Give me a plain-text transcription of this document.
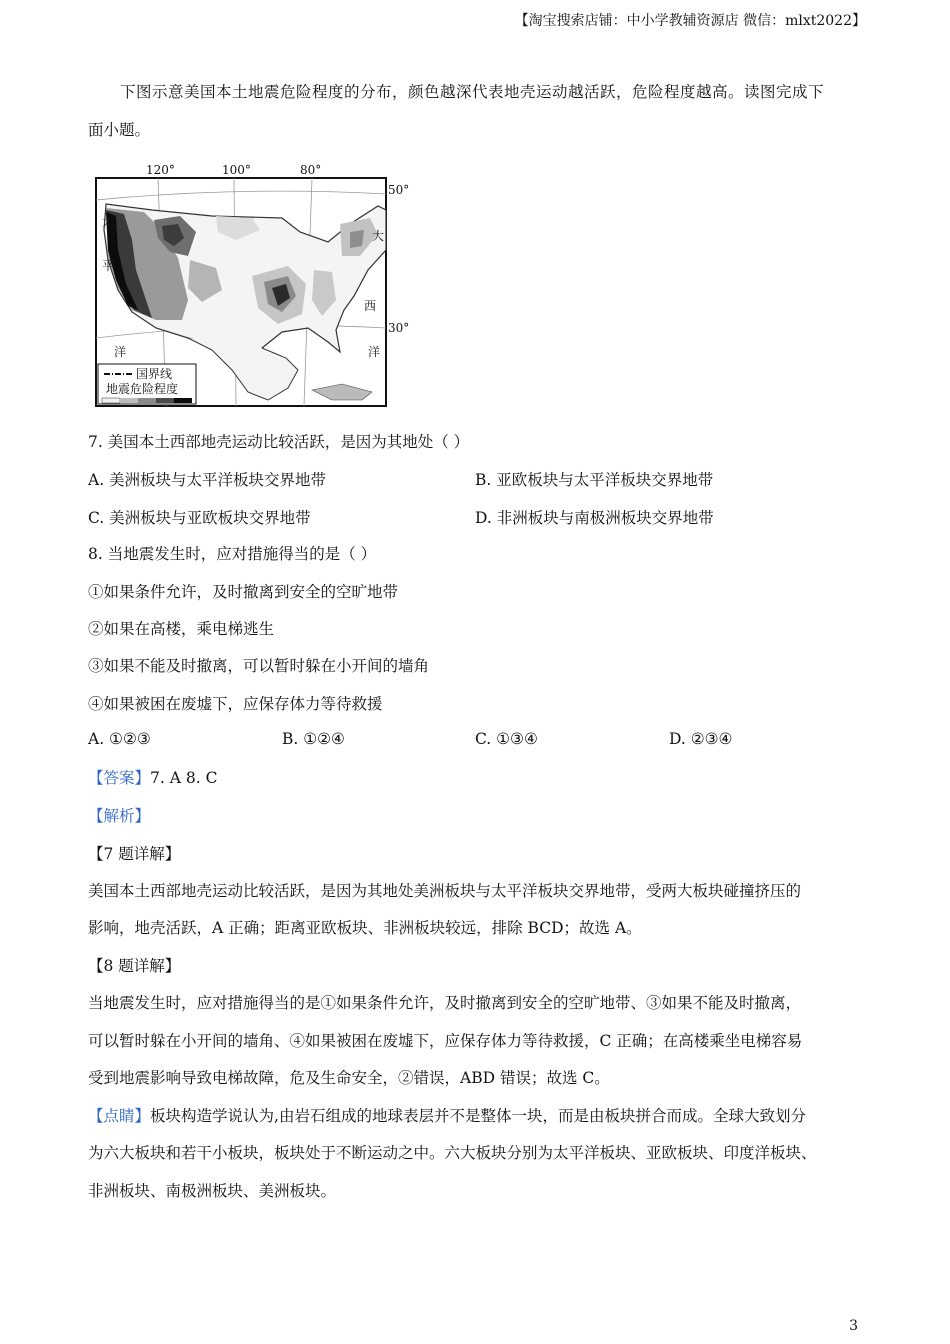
【淘宝搜索店铺：中小学教辅资源店 微信：mlxt2022】
下图示意美国本土地震危险程度的分布，颜色越深代表地壳运动越活跃，危险程度越高。读图完成下
面小题。
120°	100°	80°
太
平
洋
大
西
洋
50°
30°
国界线
地震危险程度
7. 美国本土西部地壳运动比较活跃，是因为其地处（ ）
A. 美洲板块与太平洋板块交界地带	B. 亚欧板块与太平洋板块交界地带
C. 美洲板块与亚欧板块交界地带	D. 非洲板块与南极洲板块交界地带
8. 当地震发生时，应对措施得当的是（ ）
①如果条件允许，及时撤离到安全的空旷地带
②如果在高楼，乘电梯逃生
③如果不能及时撤离，可以暂时躲在小开间的墙角
④如果被困在废墟下，应保存体力等待救援
A. ①②③	B. ①②④	C. ①③④	D. ②③④
【答案】7. A 8. C
【解析】
【7 题详解】
美国本土西部地壳运动比较活跃，是因为其地处美洲板块与太平洋板块交界地带，受两大板块碰撞挤压的
影响，地壳活跃，A 正确；距离亚欧板块、非洲板块较远，排除 BCD；故选 A。
【8 题详解】
当地震发生时，应对措施得当的是①如果条件允许，及时撤离到安全的空旷地带、③如果不能及时撤离，
可以暂时躲在小开间的墙角、④如果被困在废墟下，应保存体力等待救援，C 正确；在高楼乘坐电梯容易
受到地震影响导致电梯故障，危及生命安全，②错误，ABD 错误；故选 C。
【点睛】板块构造学说认为,由岩石组成的地球表层并不是整体一块，而是由板块拼合而成。全球大致划分
为六大板块和若干小板块，板块处于不断运动之中。六大板块分别为太平洋板块、亚欧板块、印度洋板块、
非洲板块、南极洲板块、美洲板块。
3
